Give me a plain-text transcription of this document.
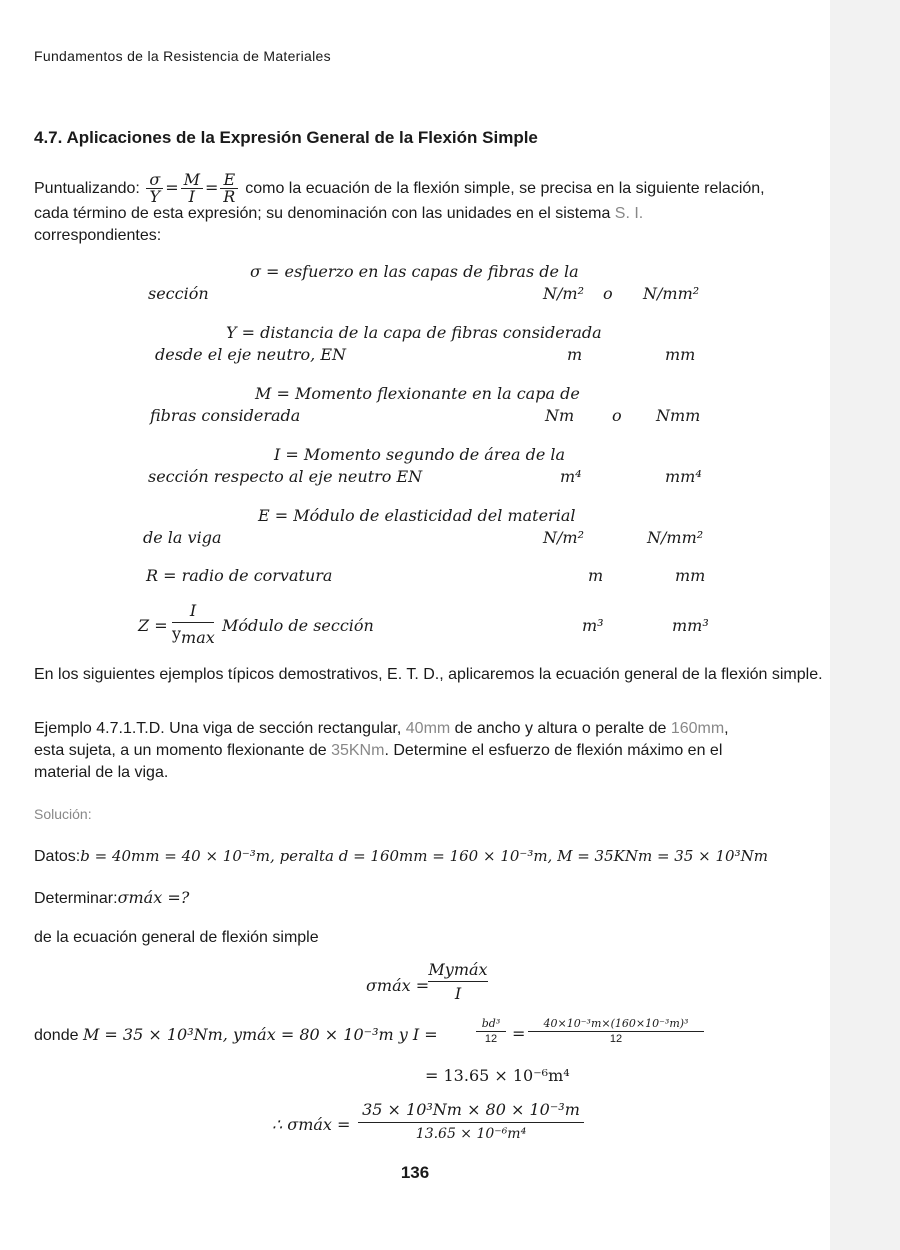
Fundamentos de la Resistencia de Materiales
4.7. Aplicaciones de la Expresión General de la Flexión Simple
Puntualizando: $\frac{\sigma}{Y} = \frac{M}{I} = \frac{E}{R}$ como la ecuación de la flexión simple, se precisa en la siguiente relación,
cada término de esta expresión; su denominación con las unidades en el sistema S. I.
correspondientes:
σ = esfuerzo en las capas de fibras de la
sección	N/m² o N/mm²
Y = distancia de la capa de fibras considerada
desde el eje neutro, EN	m	mm
M = Momento flexionante en la capa de
fibras considerada	Nm o Nmm
I = Momento segundo de área de la
sección respecto al eje neutro EN	m⁴	mm⁴
E = Módulo de elasticidad del material
de la viga	N/m²	N/mm²
R = radio de corvatura	m	mm
Z =
I
$y_{max}$
Módulo de sección	m³	mm³
En los siguientes ejemplos típicos demostrativos, E. T. D., aplicaremos la ecuación general de la flexión simple.
Ejemplo 4.7.1.T.D. Una viga de sección rectangular, 40mm de ancho y altura o peralte de 160mm,
esta sujeta, a un momento flexionante de 35KNm. Determine el esfuerzo de flexión máximo en el
material de la viga.
Solución:
Datos:b = 40mm = 40 × 10⁻³m, peralta d = 160mm = 160 × 10⁻³m, M = 35KNm = 35 × 10³Nm
Determinar:σmáx =?
de la ecuación general de flexión simple
σmáx =
Mymáx
I
donde M = 35 × 10³Nm, ymáx = 80 × 10⁻³m y I =
bd³
12 =
40×10⁻³m×(160×10⁻³m)³
12
= 13.65 × 10⁻⁶m⁴
∴ σmáx = $\frac{\text{35 × 10³Nm × 80 × 10⁻³m}}{\text{13.65 × 10⁻⁶m⁴}}$
136
